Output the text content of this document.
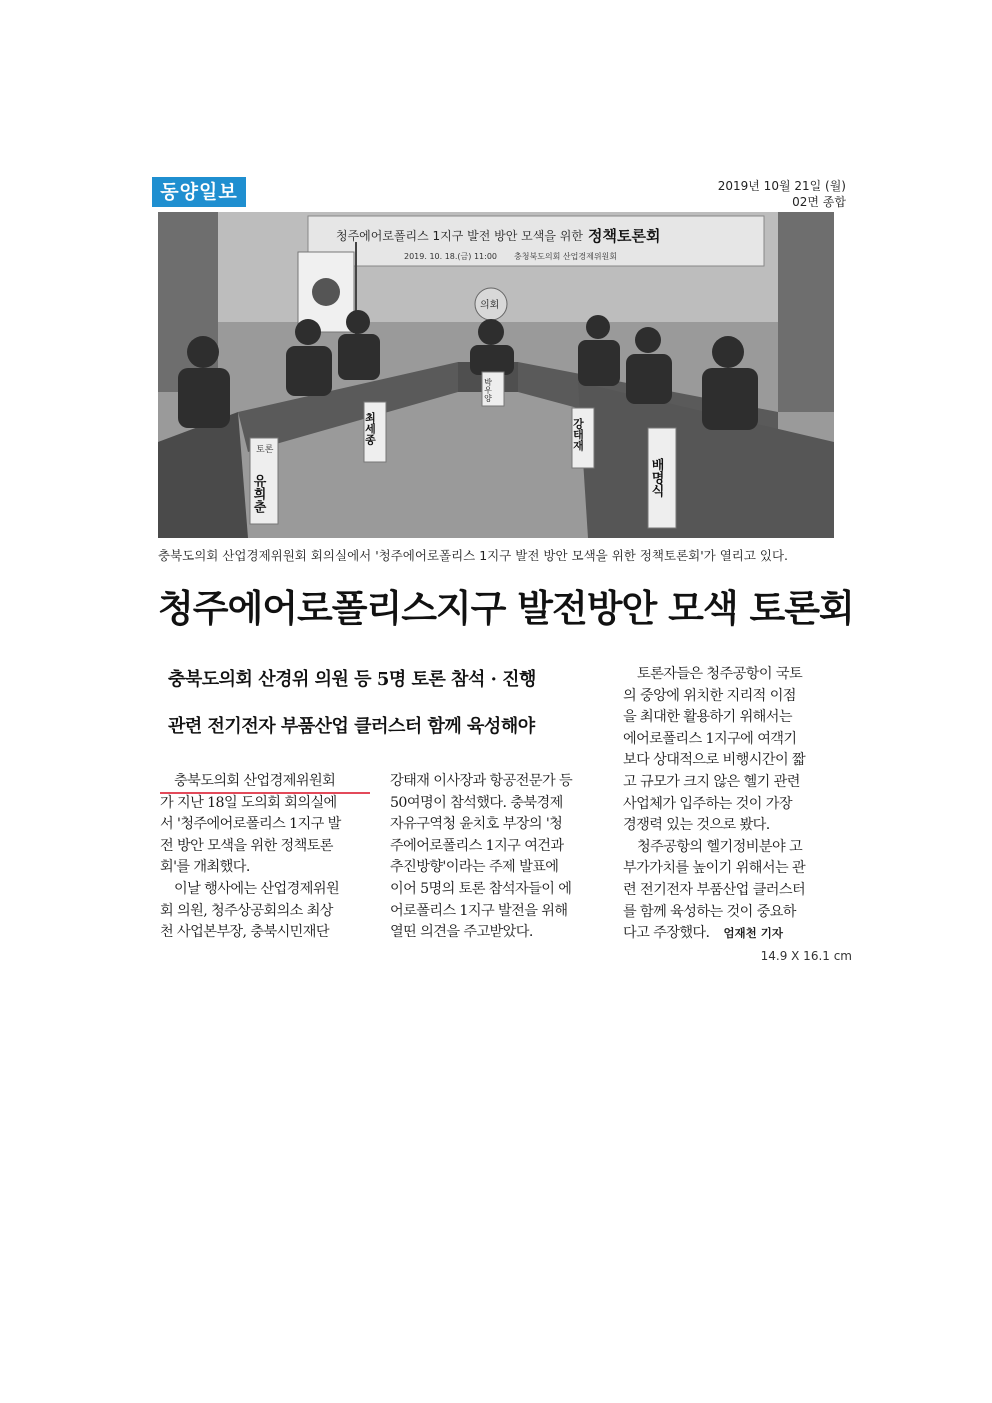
동양일보	2019년 10월 21일 (월)
02면 종합
청주에어로폴리스 1지구 발전 방안 모색을 위한 정책토론회
2019. 10. 18.(금) 11:00 충청북도의회 산업경제위원회
의회
토론
유희춘
최세종
박우양
강태재
배명식
충북도의회 산업경제위원회 회의실에서 '청주에어로폴리스 1지구 발전 방안 모색을 위한 정책토론회'가 열리고 있다.
청주에어로폴리스지구 발전방안 모색 토론회
충북도의회 산경위 의원 등 5명 토론 참석 · 진행
관련 전기전자 부품산업 클러스터 함께 육성해야

충북도의회 산업경제위원회

가 지난 18일 도의회 회의실에

서 '청주에어로폴리스 1지구 발

전 방안 모색을 위한 정책토론

회'를 개최했다.

이날 행사에는 산업경제위원

회 의원, 청주상공회의소 최상

천 사업본부장, 충북시민재단

강태재 이사장과 항공전문가 등

50여명이 참석했다. 충북경제

자유구역청 윤치호 부장의 '청

주에어로폴리스 1지구 여건과

추진방향'이라는 주제 발표에

이어 5명의 토론 참석자들이 에

어로폴리스 1지구 발전을 위해

열띤 의견을 주고받았다.

토론자들은 청주공항이 국토

의 중앙에 위치한 지리적 이점

을 최대한 활용하기 위해서는

에어로폴리스 1지구에 여객기

보다 상대적으로 비행시간이 짧

고 규모가 크지 않은 헬기 관련

사업체가 입주하는 것이 가장

경쟁력 있는 것으로 봤다.

청주공항의 헬기정비분야 고

부가가치를 높이기 위해서는 관

련 전기전자 부품산업 클러스터

를 함께 육성하는 것이 중요하

다고 주장했다. 엄재천 기자

14.9 X 16.1 cm
